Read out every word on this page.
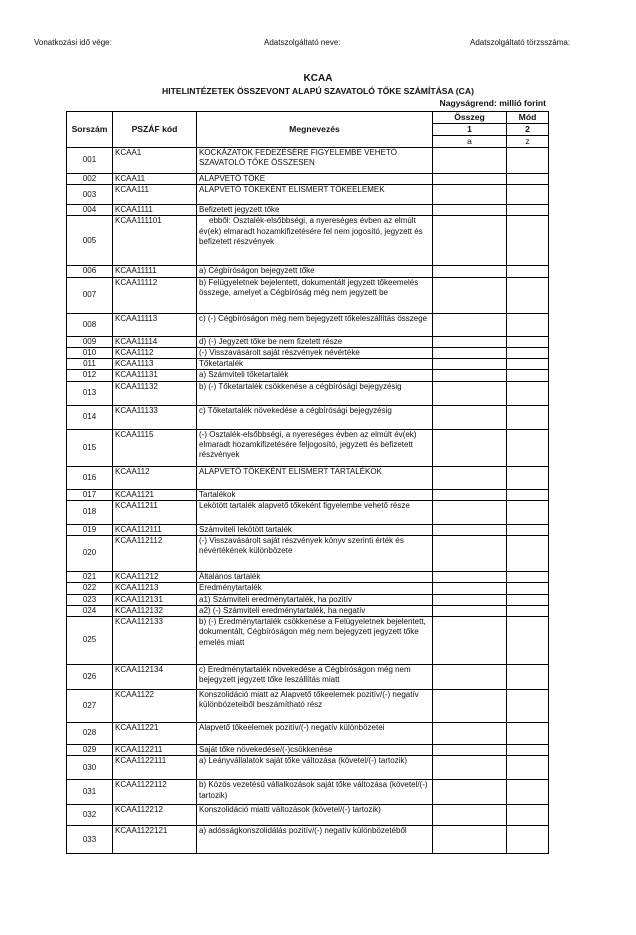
Vonatkozási idő vége:	Adatszolgáltató neve:	Adatszolgáltató törzsszáma:
KCAA
HITELINTÉZETEK ÖSSZEVONT ALAPÚ SZAVATOLÓ TŐKE SZÁMÍTÁSA (CA)
Nagyságrend: millió forint
Sorszám	PSZÁF kód	Megnevezés	Összeg	Mód
			1	2
			a	z
001	KCAA1	KOCKÁZATOK FEDEZÉSÉRE FIGYELEMBE VEHETŐ SZAVATOLÓ TŐKE ÖSSZESEN		
002	KCAA11	ALAPVETŐ TŐKE		
003	KCAA111	ALAPVETŐ TŐKEKÉNT ELISMERT TŐKEELEMEK		
004	KCAA1111	Befizetett jegyzett tőke		
005	KCAA111101	ebből: Osztalék-elsőbbségi, a nyereséges évben az elmúlt év(ek) elmaradt hozamkifizetésére fel nem jogosító, jegyzett és befizetett részvények		
006	KCAA11111	a) Cégbíróságon bejegyzett tőke		
007	KCAA11112	b) Felügyeletnek bejelentett, dokumentált jegyzett tőkeemelés összege, amelyet a Cégbíróság még nem jegyzett be		
008	KCAA11113	c) (-) Cégbíróságon még nem bejegyzett tőkeleszállítás összege		
009	KCAA11114	d) (-) Jegyzett tőke be nem fizetett része		
010	KCAA1112	(-) Visszavásárolt saját részvények névértéke		
011	KCAA1113	Tőketartalék		
012	KCAA11131	a) Számviteli tőketartalék		
013	KCAA11132	b) (-) Tőketartalék csökkenése a cégbírósági bejegyzésig		
014	KCAA11133	c) Tőketartalék növekedése a cégbírósági bejegyzésig		
015	KCAA1115	(-) Osztalék-elsőbbségi, a nyereséges évben az elmúlt év(ek) elmaradt hozamkifizetésére feljogosító, jegyzett és befizetett részvények		
016	KCAA112	ALAPVETŐ TŐKEKÉNT ELISMERT TARTALÉKOK		
017	KCAA1121	Tartalékok		
018	KCAA11211	Lekötött tartalék alapvető tőkeként figyelembe vehető része		
019	KCAA112111	Számviteli lekötött tartalék		
020	KCAA112112	(-) Visszavásárolt saját részvények könyv szerinti érték és névértékének különbözete		
021	KCAA11212	Általános tartalék		
022	KCAA11213	Eredménytartalék		
023	KCAA112131	a1) Számviteli eredménytartalék, ha pozitív		
024	KCAA112132	a2) (-) Számviteli eredménytartalék, ha negatív		
025	KCAA112133	b) (-) Eredménytartalék csökkenése a Felügyeletnek bejelentett, dokumentált, Cégbíróságon még nem bejegyzett jegyzett tőke emelés miatt		
026	KCAA112134	c) Eredménytartalék növekedése a Cégbíróságon még nem bejegyzett jegyzett tőke leszállítás miatt		
027	KCAA1122	Konszolidáció miatt az Alapvető tőkeelemek pozitív/(-) negatív különbözeteiből beszámítható rész		
028	KCAA11221	Alapvető tőkeelemek pozitív/(-) negatív különbözetei		
029	KCAA112211	Saját tőke növekedése/(-)csökkenése		
030	KCAA1122111	a) Leányvállalatok saját tőke változása (követel/(-) tartozik)		
031	KCAA1122112	b) Közös vezetésű vállalkozások saját tőke változása (követel/(-) tartozik)		
032	KCAA112212	Konszolidáció miatti változások (követel/(-) tartozik)		
033	KCAA1122121	a) adósságkonszolidálás pozitív/(-) negatív különbözetéből		
